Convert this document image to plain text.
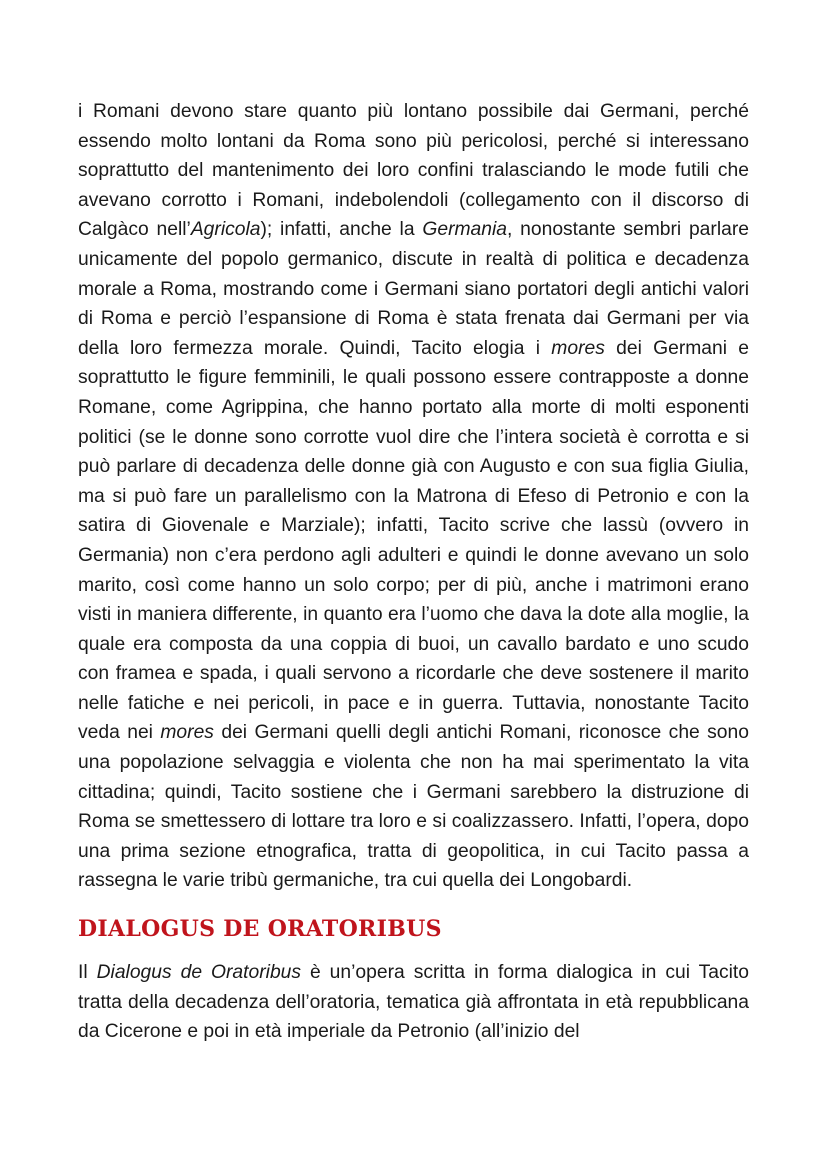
i Romani devono stare quanto più lontano possibile dai Germani, perché essendo molto lontani da Roma sono più pericolosi, perché si interessano soprattutto del mantenimento dei loro confini tralasciando le mode futili che avevano corrotto i Romani, indebolendoli (collegamento con il discorso di Calgàco nell’Agricola); infatti, anche la Germania, nonostante sembri parlare unicamente del popolo germanico, discute in realtà di politica e decadenza morale a Roma, mostrando come i Germani siano portatori degli antichi valori di Roma e perciò l’espansione di Roma è stata frenata dai Germani per via della loro fermezza morale. Quindi, Tacito elogia i mores dei Germani e soprattutto le figure femminili, le quali possono essere contrapposte a donne Romane, come Agrippina, che hanno portato alla morte di molti esponenti politici (se le donne sono corrotte vuol dire che l’intera società è corrotta e si può parlare di decadenza delle donne già con Augusto e con sua figlia Giulia, ma si può fare un parallelismo con la Matrona di Efeso di Petronio e con la satira di Giovenale e Marziale); infatti, Tacito scrive che lassù (ovvero in Germania) non c’era perdono agli adulteri e quindi le donne avevano un solo marito, così come hanno un solo corpo; per di più, anche i matrimoni erano visti in maniera differente, in quanto era l’uomo che dava la dote alla moglie, la quale era composta da una coppia di buoi, un cavallo bardato e uno scudo con framea e spada, i quali servono a ricordarle che deve sostenere il marito nelle fatiche e nei pericoli, in pace e in guerra. Tuttavia, nonostante Tacito veda nei mores dei Germani quelli degli antichi Romani, riconosce che sono una popolazione selvaggia e violenta che non ha mai sperimentato la vita cittadina; quindi, Tacito sostiene che i Germani sarebbero la distruzione di Roma se smettessero di lottare tra loro e si coalizzassero. Infatti, l’opera, dopo una prima sezione etnografica, tratta di geopolitica, in cui Tacito passa a rassegna le varie tribù germaniche, tra cui quella dei Longobardi.

DIALOGUS DE ORATORIBUS

Il Dialogus de Oratoribus è un’opera scritta in forma dialogica in cui Tacito tratta della decadenza dell’oratoria, tematica già affrontata in età repubblicana da Cicerone e poi in età imperiale da Petronio (all’inizio del
